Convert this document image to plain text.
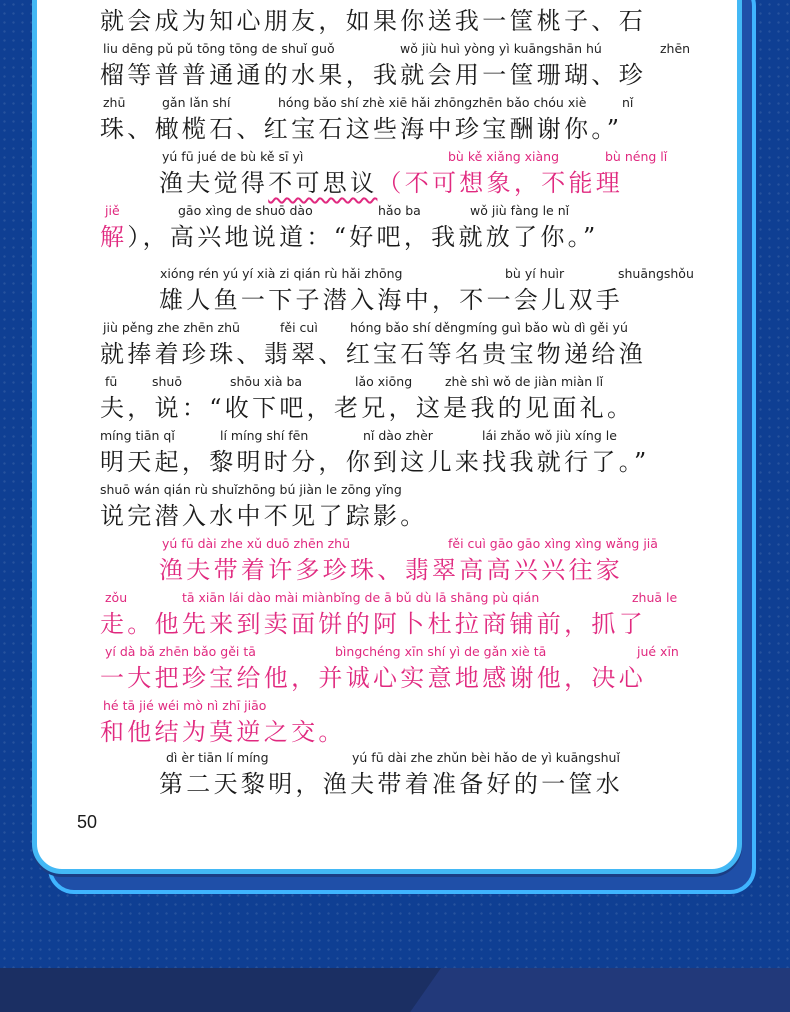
就会成为知心朋友，如果你送我一筐桃子、石
liu dēng pǔ pǔ tōng tōng de shuǐ guǒ	wǒ jiù huì yòng yì kuāngshān hú	zhēn
榴等普普通通的水果，我就会用一筐珊瑚、珍
zhū	gǎn lǎn shí	hóng bǎo shí zhè xiē hǎi zhōngzhēn bǎo chóu xiè	nǐ
珠、橄榄石、红宝石这些海中珍宝酬谢你。”
yú fū jué de bù kě sī yì	bù kě xiǎng xiàng	bù néng lǐ
渔夫觉得不可思议（不可想象，不能理
jiě	gāo xìng de shuō dào	hǎo ba	wǒ jiù fàng le nǐ
解），高兴地说道：“好吧，我就放了你。”
xióng rén yú yí xià zi qián rù hǎi zhōng	bù yí huìr	shuāngshǒu
雄人鱼一下子潜入海中，不一会儿双手
jiù pěng zhe zhēn zhū	fěi cuì	hóng bǎo shí děngmíng guì bǎo wù dì gěi yú
就捧着珍珠、翡翠、红宝石等名贵宝物递给渔
fū	shuō	shōu xià ba	lǎo xiōng	zhè shì wǒ de jiàn miàn lǐ
夫，说：“收下吧，老兄，这是我的见面礼。
míng tiān qǐ	lí míng shí fēn	nǐ dào zhèr	lái zhǎo wǒ jiù xíng le
明天起，黎明时分，你到这儿来找我就行了。”
shuō wán qián rù shuǐzhōng bú jiàn le zōng yǐng
说完潜入水中不见了踪影。
yú fū dài zhe xǔ duō zhēn zhū	fěi cuì gāo gāo xìng xìng wǎng jiā
渔夫带着许多珍珠、翡翠高高兴兴往家
zǒu	tā xiān lái dào mài miànbǐng de ā bǔ dù lā shāng pù qián	zhuā le
走。他先来到卖面饼的阿卜杜拉商铺前，抓了
yí dà bǎ zhēn bǎo gěi tā	bìngchéng xīn shí yì de gǎn xiè tā	jué xīn
一大把珍宝给他，并诚心实意地感谢他，决心
hé tā jié wéi mò nì zhī jiāo
和他结为莫逆之交。
dì èr tiān lí míng	yú fū dài zhe zhǔn bèi hǎo de yì kuāngshuǐ
第二天黎明，渔夫带着准备好的一筐水
50
